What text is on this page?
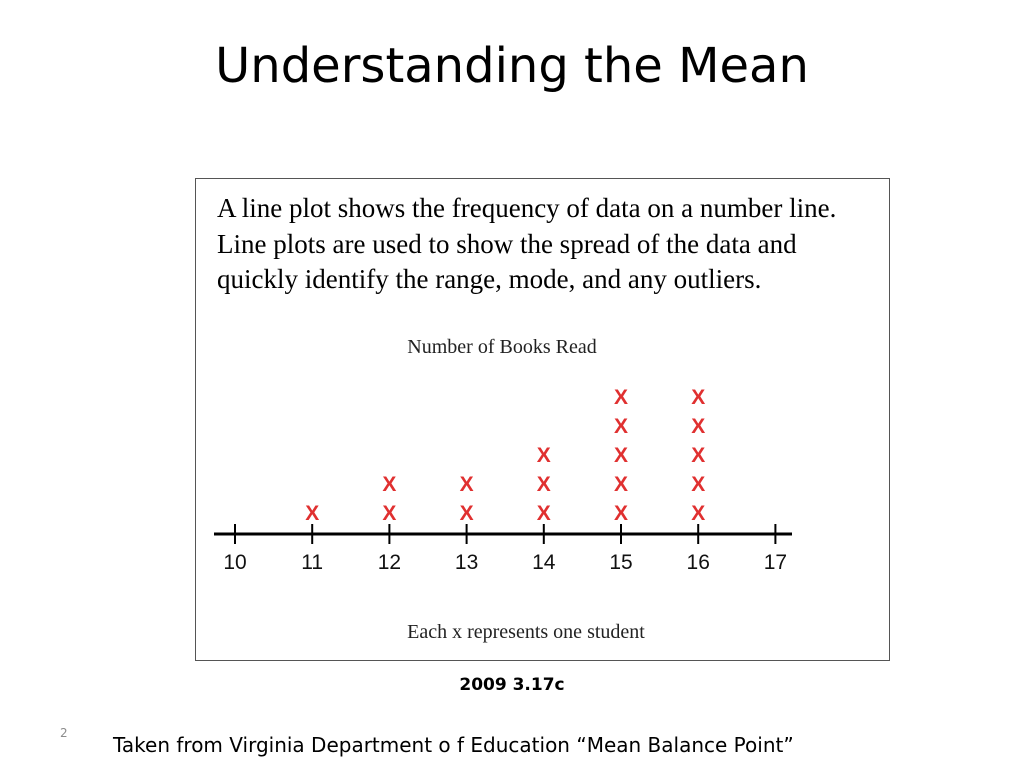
Understanding the Mean

A line plot shows the frequency of data on a number line. Line plots are used to show the spread of the data and quickly identify the range, mode, and any outliers.

Number of Books Read
10	11	12	13	14	15	16	17
X	X
X
X
X
X
X
X
X
X
X
X
X
X
X
X
X
X
Each x represents one student
2009 3.17c
2 Taken from Virginia Department o f Education “Mean Balance Point”
